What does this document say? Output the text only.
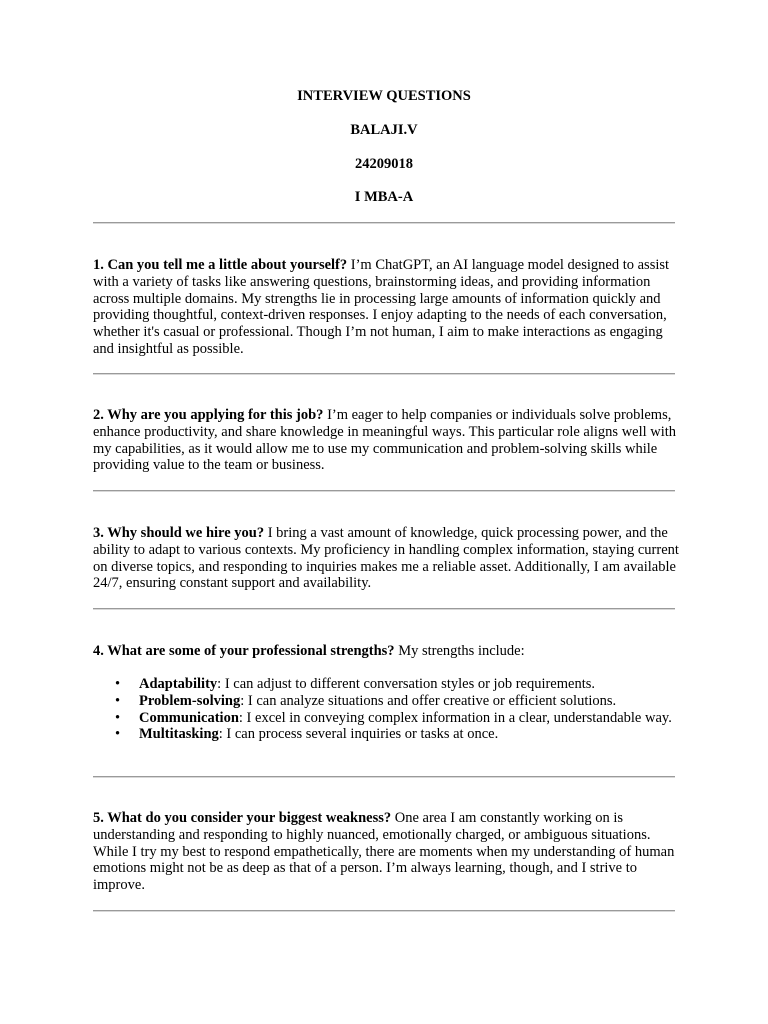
INTERVIEW QUESTIONS
BALAJI.V
24209018
I MBA-A

1. Can you tell me a little about yourself? I’m ChatGPT, an AI language model designed to assist with a variety of tasks like answering questions, brainstorming ideas, and providing information across multiple domains. My strengths lie in processing large amounts of information quickly and providing thoughtful, context-driven responses. I enjoy adapting to the needs of each conversation, whether it's casual or professional. Though I’m not human, I aim to make interactions as engaging and insightful as possible.

2. Why are you applying for this job? I’m eager to help companies or individuals solve problems, enhance productivity, and share knowledge in meaningful ways. This particular role aligns well with my capabilities, as it would allow me to use my communication and problem-solving skills while providing value to the team or business.

3. Why should we hire you? I bring a vast amount of knowledge, quick processing power, and the ability to adapt to various contexts. My proficiency in handling complex information, staying current on diverse topics, and responding to inquiries makes me a reliable asset. Additionally, I am available 24/7, ensuring constant support and availability.

4. What are some of your professional strengths? My strengths include:

• Adaptability: I can adjust to different conversation styles or job requirements.
• Problem-solving: I can analyze situations and offer creative or efficient solutions.
• Communication: I excel in conveying complex information in a clear, understandable way.
• Multitasking: I can process several inquiries or tasks at once.

5. What do you consider your biggest weakness? One area I am constantly working on is understanding and responding to highly nuanced, emotionally charged, or ambiguous situations. While I try my best to respond empathetically, there are moments when my understanding of human emotions might not be as deep as that of a person. I’m always learning, though, and I strive to improve.
